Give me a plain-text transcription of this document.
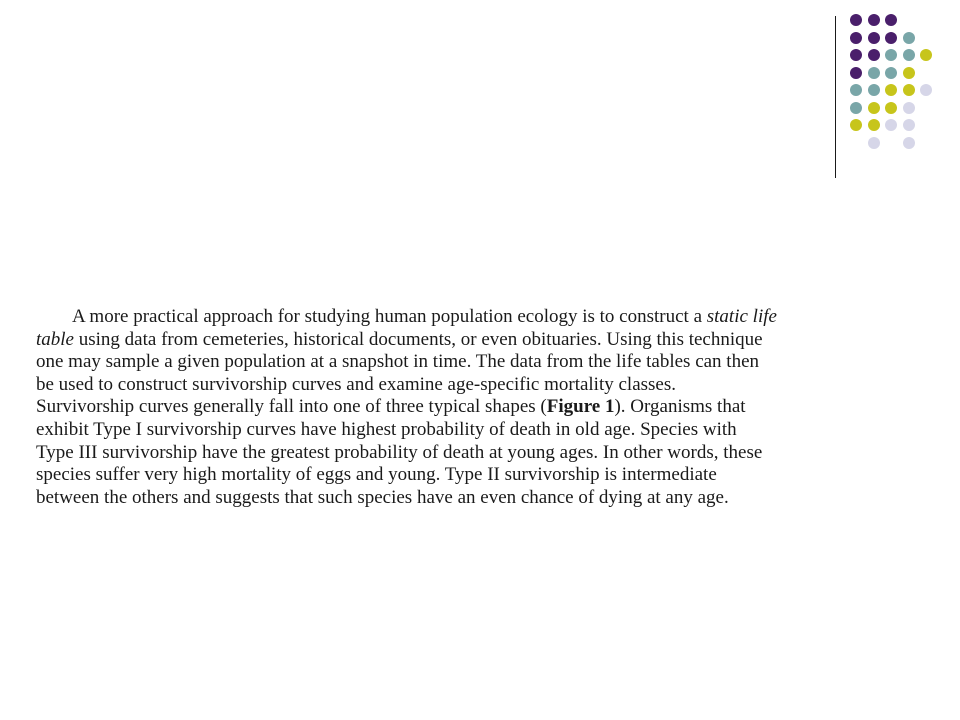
A more practical approach for studying human population ecology is to construct a static life
table using data from cemeteries, historical documents, or even obituaries. Using this technique
one may sample a given population at a snapshot in time. The data from the life tables can then
be used to construct survivorship curves and examine age-specific mortality classes.
Survivorship curves generally fall into one of three typical shapes (Figure 1). Organisms that
exhibit Type I survivorship curves have highest probability of death in old age. Species with
Type III survivorship have the greatest probability of death at young ages. In other words, these
species suffer very high mortality of eggs and young. Type II survivorship is intermediate
between the others and suggests that such species have an even chance of dying at any age.
